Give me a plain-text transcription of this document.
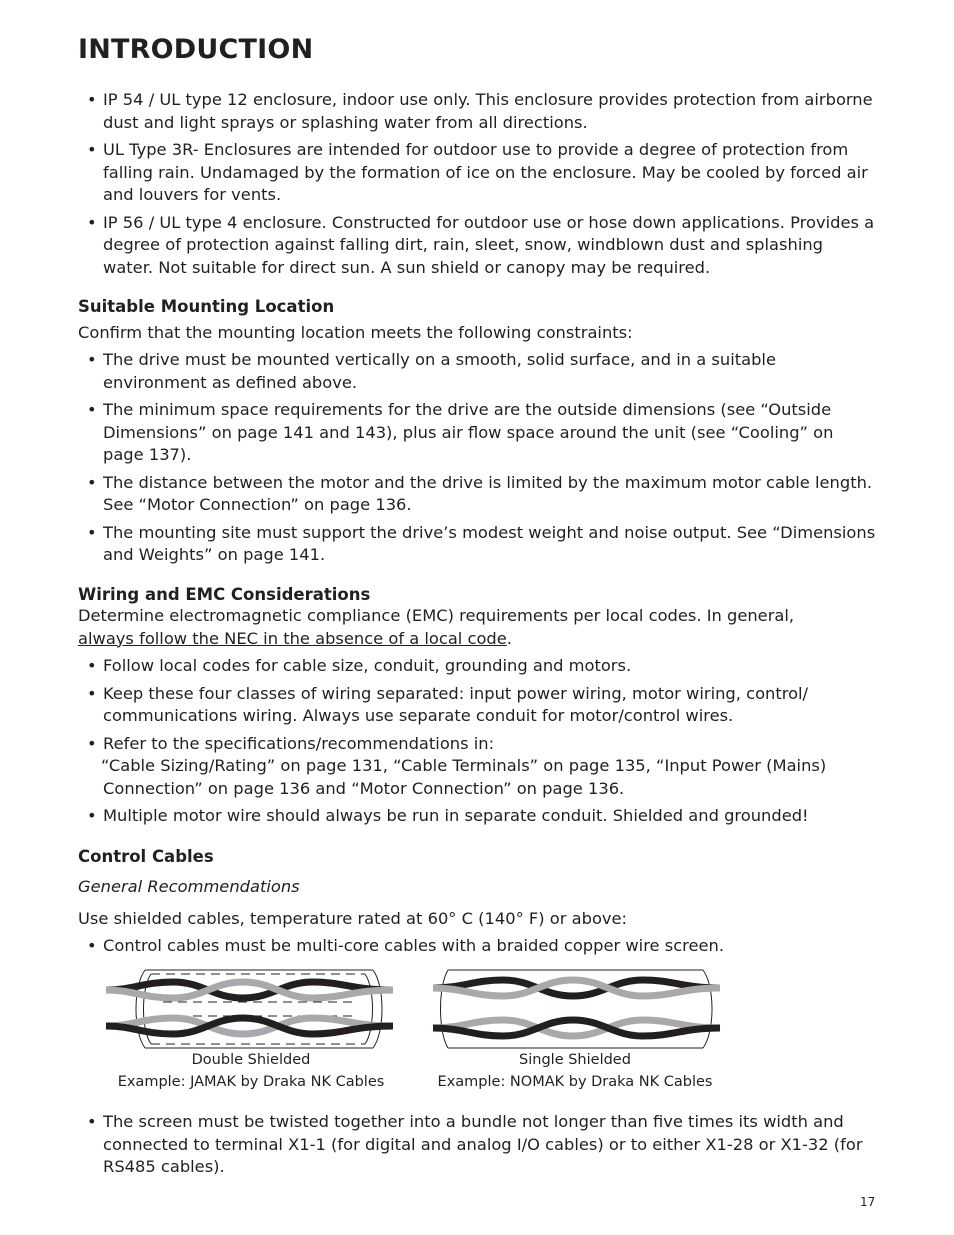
INTRODUCTION
• IP 54 / UL type 12 enclosure, indoor use only. This enclosure provides protection from airborne dust and light sprays or splashing water from all directions.
• UL Type 3R- Enclosures are intended for outdoor use to provide a degree of protection from falling rain. Undamaged by the formation of ice on the enclosure. May be cooled by forced air and louvers for vents.
• IP 56 / UL type 4 enclosure. Constructed for outdoor use or hose down applications. Provides a degree of protection against falling dirt, rain, sleet, snow, windblown dust and splashing water. Not suitable for direct sun. A sun shield or canopy may be required.
Suitable Mounting Location
Confirm that the mounting location meets the following constraints:
• The drive must be mounted vertically on a smooth, solid surface, and in a suitable environment as defined above.
• The minimum space requirements for the drive are the outside dimensions (see “Outside Dimensions” on page 141 and 143), plus air flow space around the unit (see “Cooling” on page 137).
• The distance between the motor and the drive is limited by the maximum motor cable length. See “Motor Connection” on page 136.
• The mounting site must support the drive’s modest weight and noise output. See “Dimensions and Weights” on page 141.
Wiring and EMC Considerations
Determine electromagnetic compliance (EMC) requirements per local codes. In general,
always follow the NEC in the absence of a local code.
• Follow local codes for cable size, conduit, grounding and motors.
• Keep these four classes of wiring separated: input power wiring, motor wiring, control/ communications wiring. Always use separate conduit for motor/control wires.
• Refer to the specifications/recommendations in:
“Cable Sizing/Rating” on page 131, “Cable Terminals” on page 135, “Input Power (Mains) Connection” on page 136 and “Motor Connection” on page 136.
• Multiple motor wire should always be run in separate conduit. Shielded and grounded!
Control Cables
General Recommendations
Use shielded cables, temperature rated at 60° C (140° F) or above:
• Control cables must be multi-core cables with a braided copper wire screen.
Double Shielded
Example: JAMAK by Draka NK Cables
Single Shielded
Example: NOMAK by Draka NK Cables
• The screen must be twisted together into a bundle not longer than five times its width and connected to terminal X1-1 (for digital and analog I/O cables) or to either X1-28 or X1-32 (for RS485 cables).
17
